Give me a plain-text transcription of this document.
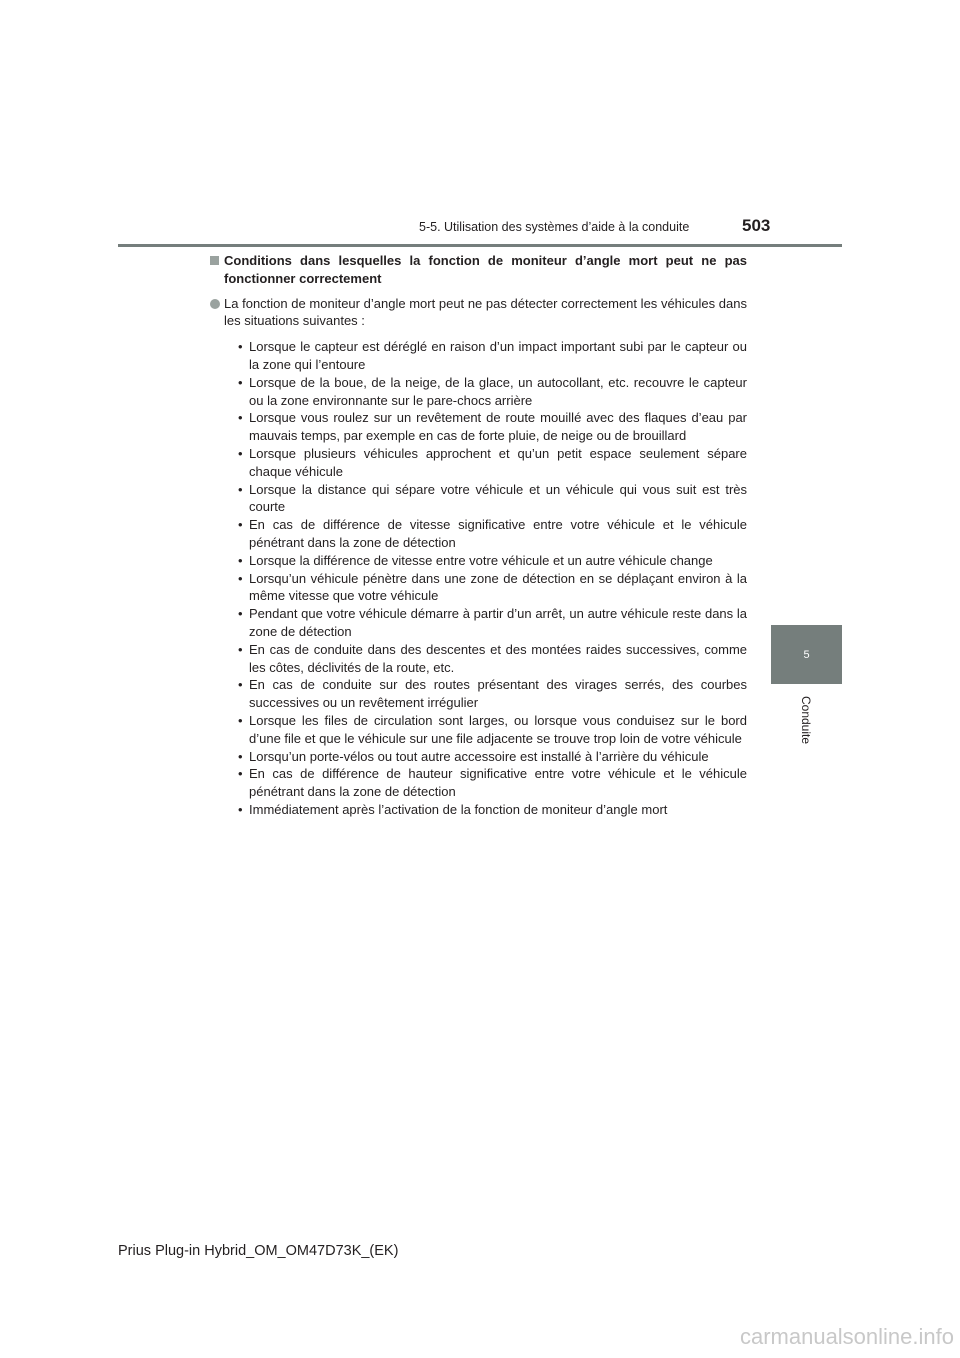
5-5. Utilisation des systèmes d’aide à la conduite	503
5
Conduite

Conditions dans lesquelles la fonction de moniteur d’angle mort peut ne pas fonctionner correctement

La fonction de moniteur d’angle mort peut ne pas détecter correctement les véhicules dans les situations suivantes :

• Lorsque le capteur est déréglé en raison d’un impact important subi par le capteur ou la zone qui l’entoure
• Lorsque de la boue, de la neige, de la glace, un autocollant, etc. recouvre le capteur ou la zone environnante sur le pare-chocs arrière
• Lorsque vous roulez sur un revêtement de route mouillé avec des flaques d’eau par mauvais temps, par exemple en cas de forte pluie, de neige ou de brouillard
• Lorsque plusieurs véhicules approchent et qu’un petit espace seulement sépare chaque véhicule
• Lorsque la distance qui sépare votre véhicule et un véhicule qui vous suit est très courte
• En cas de différence de vitesse significative entre votre véhicule et le véhicule pénétrant dans la zone de détection
• Lorsque la différence de vitesse entre votre véhicule et un autre véhicule change
• Lorsqu’un véhicule pénètre dans une zone de détection en se déplaçant environ à la même vitesse que votre véhicule
• Pendant que votre véhicule démarre à partir d’un arrêt, un autre véhicule reste dans la zone de détection
• En cas de conduite dans des descentes et des montées raides successives, comme les côtes, déclivités de la route, etc.
• En cas de conduite sur des routes présentant des virages serrés, des courbes successives ou un revêtement irrégulier
• Lorsque les files de circulation sont larges, ou lorsque vous conduisez sur le bord d’une file et que le véhicule sur une file adjacente se trouve trop loin de votre véhicule
• Lorsqu’un porte-vélos ou tout autre accessoire est installé à l’arrière du véhicule
• En cas de différence de hauteur significative entre votre véhicule et le véhicule pénétrant dans la zone de détection
• Immédiatement après l’activation de la fonction de moniteur d’angle mort
Prius Plug-in Hybrid_OM_OM47D73K_(EK)
carmanualsonline.info
